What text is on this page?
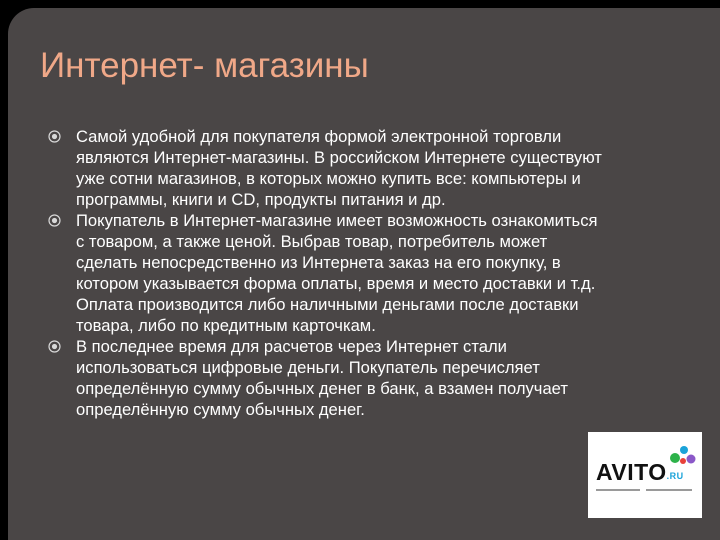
Интернет- магазины
Самой удобной для покупателя формой электронной торговли являются Интернет-магазины. В российском Интернете существуют уже сотни магазинов, в которых можно купить все: компьютеры и программы, книги и CD, продукты питания и др.
Покупатель в Интернет-магазине имеет возможность ознакомиться с товаром, а также ценой. Выбрав товар, потребитель может сделать непосредственно из Интернета заказ на его покупку, в котором указывается форма оплаты, время и место доставки и т.д. Оплата производится либо наличными деньгами после доставки товара, либо по кредитным карточкам.
В последнее время для расчетов через Интернет стали использоваться цифровые деньги. Покупатель перечисляет определённую сумму обычных денег в банк, а взамен получает определённую сумму обычных денег.
AVITO.RU
